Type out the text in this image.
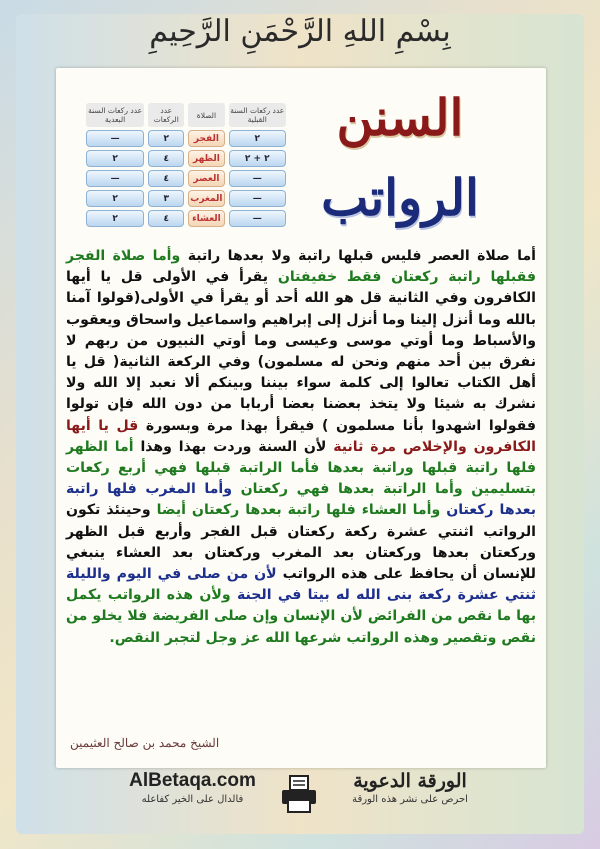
بِسْمِ اللهِ الرَّحْمَنِ الرَّحِيمِ
السنن
الرواتب
عدد ركعات السنة القبلية	الصلاة	عدد الركعات	عدد ركعات السنة البعدية
٢	الفجر	٢	—
٢ + ٢	الظهر	٤	٢
—	العصر	٤	—
—	المغرب	٣	٢
—	العشاء	٤	٢
أما صلاة العصر فليس قبلها راتبة ولا بعدها راتبة وأما صلاة الفجر فقبلها راتبة ركعتان فقط خفيفتان يقرأ في الأولى قل يا أيها الكافرون وفي الثانية قل هو الله أحد أو يقرأ في الأولى(قولوا آمنا بالله وما أنزل إلينا وما أنزل إلى إبراهيم واسماعيل واسحاق ويعقوب والأسباط وما أوتي موسى وعيسى وما أوتي النبيون من ربهم لا نفرق بين أحد منهم ونحن له مسلمون) وفي الركعة الثانية( قل يا أهل الكتاب تعالوا إلى كلمة سواء بيننا وبينكم ألا نعبد إلا الله ولا نشرك به شيئا ولا يتخذ بعضنا بعضا أربابا من دون الله فإن تولوا فقولوا اشهدوا بأنا مسلمون ) فيقرأ بهذا مرة وبسورة قل يا أيها الكافرون والإخلاص مرة ثانية لأن السنة وردت بهذا وهذا أما الظهر فلها راتبة قبلها وراتبة بعدها فأما الراتبة قبلها فهي أربع ركعات بتسليمين وأما الراتبة بعدها فهي ركعتان وأما المغرب فلها راتبة بعدها ركعتان وأما العشاء فلها راتبة بعدها ركعتان أيضا وحينئذ تكون الرواتب اثنتي عشرة ركعة ركعتان قبل الفجر وأربع قبل الظهر وركعتان بعدها وركعتان بعد المغرب وركعتان بعد العشاء ينبغي للإنسان أن يحافظ على هذه الرواتب لأن من صلى في اليوم والليلة ثنتي عشرة ركعة بنى الله له بيتا في الجنة ولأن هذه الرواتب يكمل بها ما نقص من الفرائض لأن الإنسان وإن صلى الفريضة فلا يخلو من نقص وتقصير وهذه الرواتب شرعها الله عز وجل لتجبر النقص.
الشيخ محمد بن صالح العثيمين
الورقة الدعوية
احرص على نشر هذه الورقة
AlBetaqa.com
فالدال على الخير كفاعله
